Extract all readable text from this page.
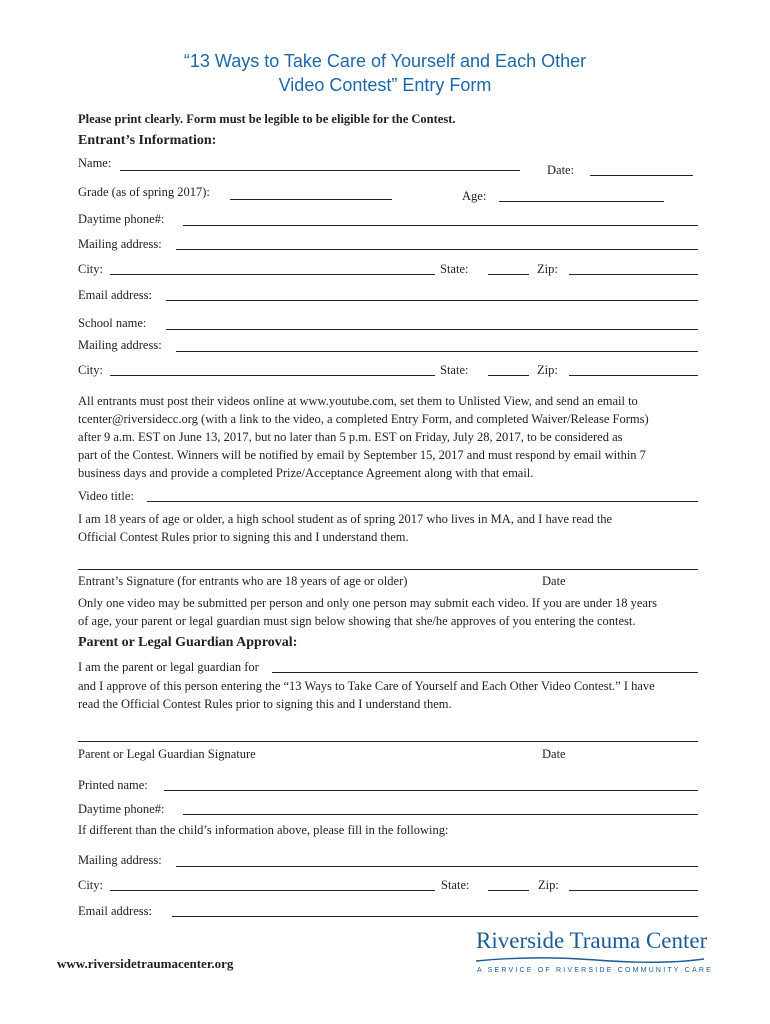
“13 Ways to Take Care of Yourself and Each Other
Video Contest” Entry Form
Please print clearly. Form must be legible to be eligible for the Contest.
Entrant’s Information:
Name:	Date:
Grade (as of spring 2017):	Age:
Daytime phone#:
Mailing address:
City:	State:	Zip:
Email address:
School name:
Mailing address:
City:	State:	Zip:
All entrants must post their videos online at www.youtube.com, set them to Unlisted View, and send an email to
tcenter@riversidecc.org (with a link to the video, a completed Entry Form, and completed Waiver/Release Forms)
after 9 a.m. EST on June 13, 2017, but no later than 5 p.m. EST on Friday, July 28, 2017, to be considered as
part of the Contest. Winners will be notified by email by September 15, 2017 and must respond by email within 7
business days and provide a completed Prize/Acceptance Agreement along with that email.
Video title:
I am 18 years of age or older, a high school student as of spring 2017 who lives in MA, and I have read the
Official Contest Rules prior to signing this and I understand them.
Entrant’s Signature (for entrants who are 18 years of age or older)	Date
Only one video may be submitted per person and only one person may submit each video. If you are under 18 years
of age, your parent or legal guardian must sign below showing that she/he approves of you entering the contest.
Parent or Legal Guardian Approval:
I am the parent or legal guardian for
and I approve of this person entering the “13 Ways to Take Care of Yourself and Each Other Video Contest.” I have
read the Official Contest Rules prior to signing this and I understand them.
Parent or Legal Guardian Signature	Date
Printed name:
Daytime phone#:
If different than the child’s information above, please fill in the following:
Mailing address:
City:	State:	Zip:
Email address:
www.riversidetraumacenter.org
Riverside Trauma Center
A SERVICE OF RIVERSIDE COMMUNITY CARE
